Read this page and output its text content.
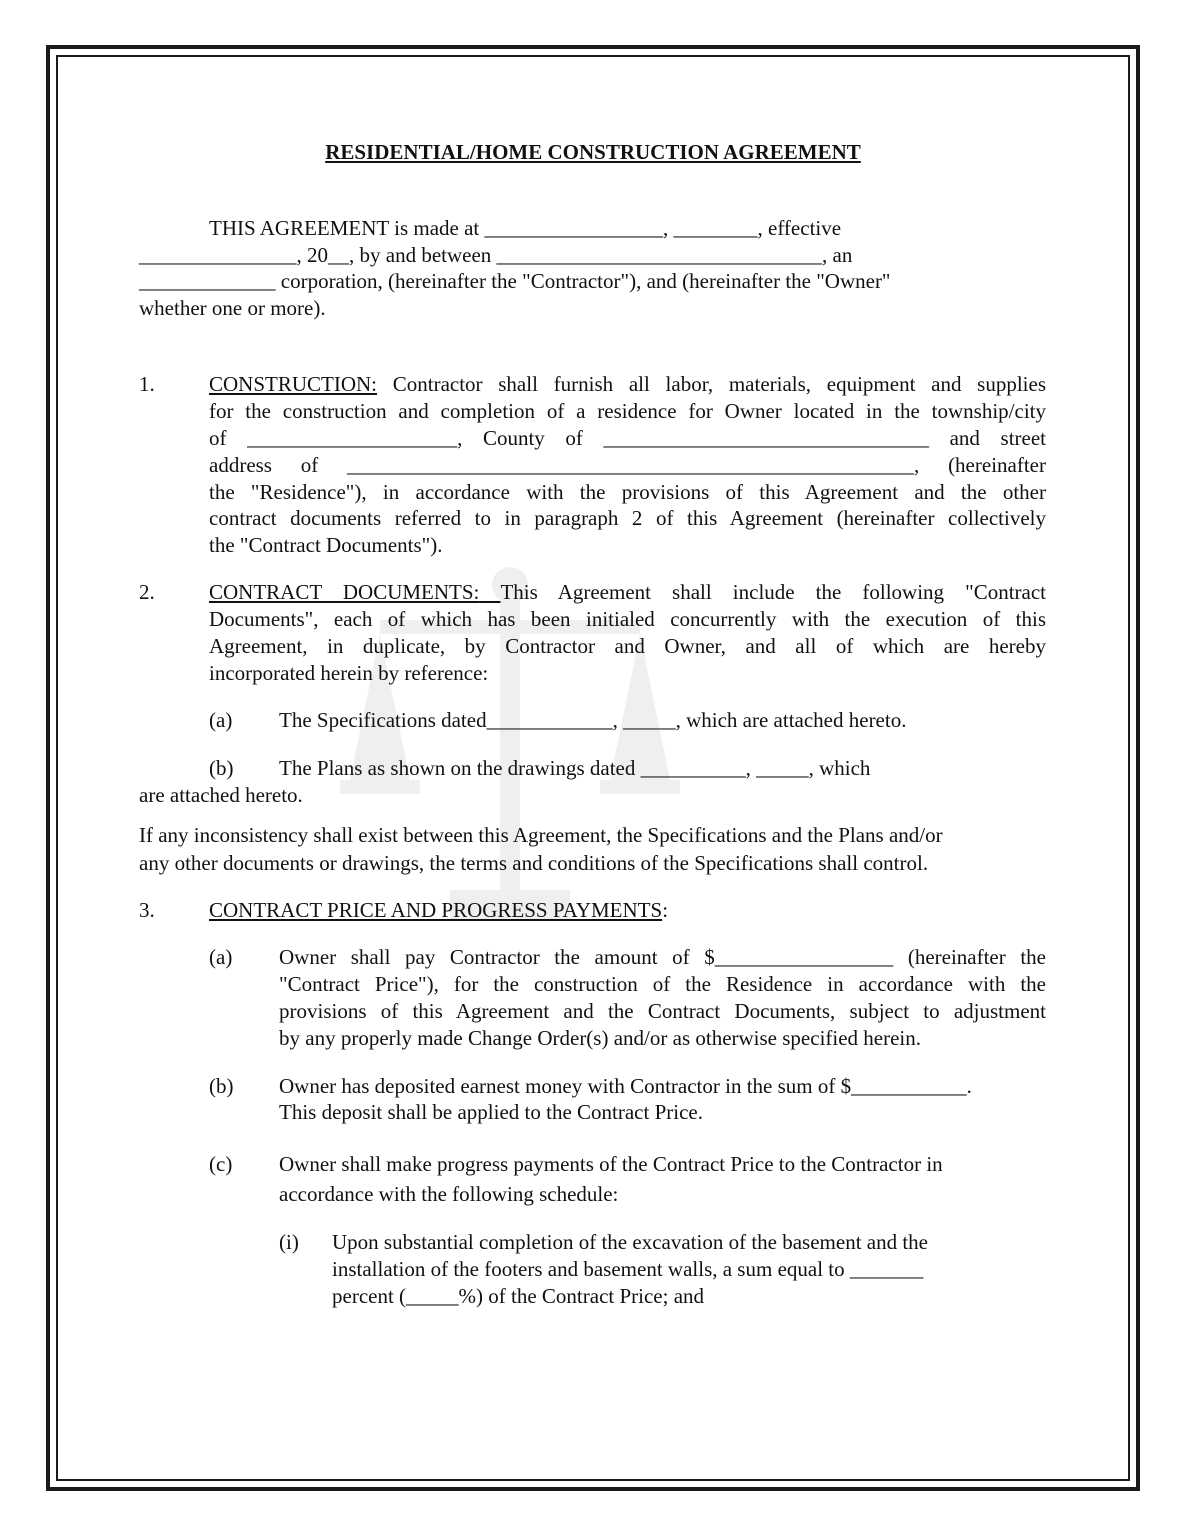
RESIDENTIAL/HOME CONSTRUCTION AGREEMENT
THIS AGREEMENT is made at _________________, ________, effective
_______________, 20__, by and between _______________________________, an
_____________ corporation, (hereinafter the "Contractor"), and (hereinafter the "Owner"
whether one or more).
1.	CONSTRUCTION: Contractor shall furnish all labor, materials, equipment and supplies
for the construction and completion of a residence for Owner located in the township/city
of ____________________, County of _______________________________ and street
address of ______________________________________________________, (hereinafter
the "Residence"), in accordance with the provisions of this Agreement and the other
contract documents referred to in paragraph 2 of this Agreement (hereinafter collectively
the "Contract Documents").
2.	CONTRACT DOCUMENTS: This Agreement shall include the following "Contract
Documents", each of which has been initialed concurrently with the execution of this
Agreement, in duplicate, by Contractor and Owner, and all of which are hereby
incorporated herein by reference:
(a) The Specifications dated____________, _____, which are attached hereto.
(b) The Plans as shown on the drawings dated __________, _____, which
are attached hereto.
If any inconsistency shall exist between this Agreement, the Specifications and the Plans and/or
any other documents or drawings, the terms and conditions of the Specifications shall control.
3.	CONTRACT PRICE AND PROGRESS PAYMENTS:
(a) Owner shall pay Contractor the amount of $_________________ (hereinafter the
"Contract Price"), for the construction of the Residence in accordance with the
provisions of this Agreement and the Contract Documents, subject to adjustment
by any properly made Change Order(s) and/or as otherwise specified herein.
(b) Owner has deposited earnest money with Contractor in the sum of $___________.
This deposit shall be applied to the Contract Price.
(c) Owner shall make progress payments of the Contract Price to the Contractor in
accordance with the following schedule:
(i) Upon substantial completion of the excavation of the basement and the
installation of the footers and basement walls, a sum equal to _______
percent (_____%) of the Contract Price; and
